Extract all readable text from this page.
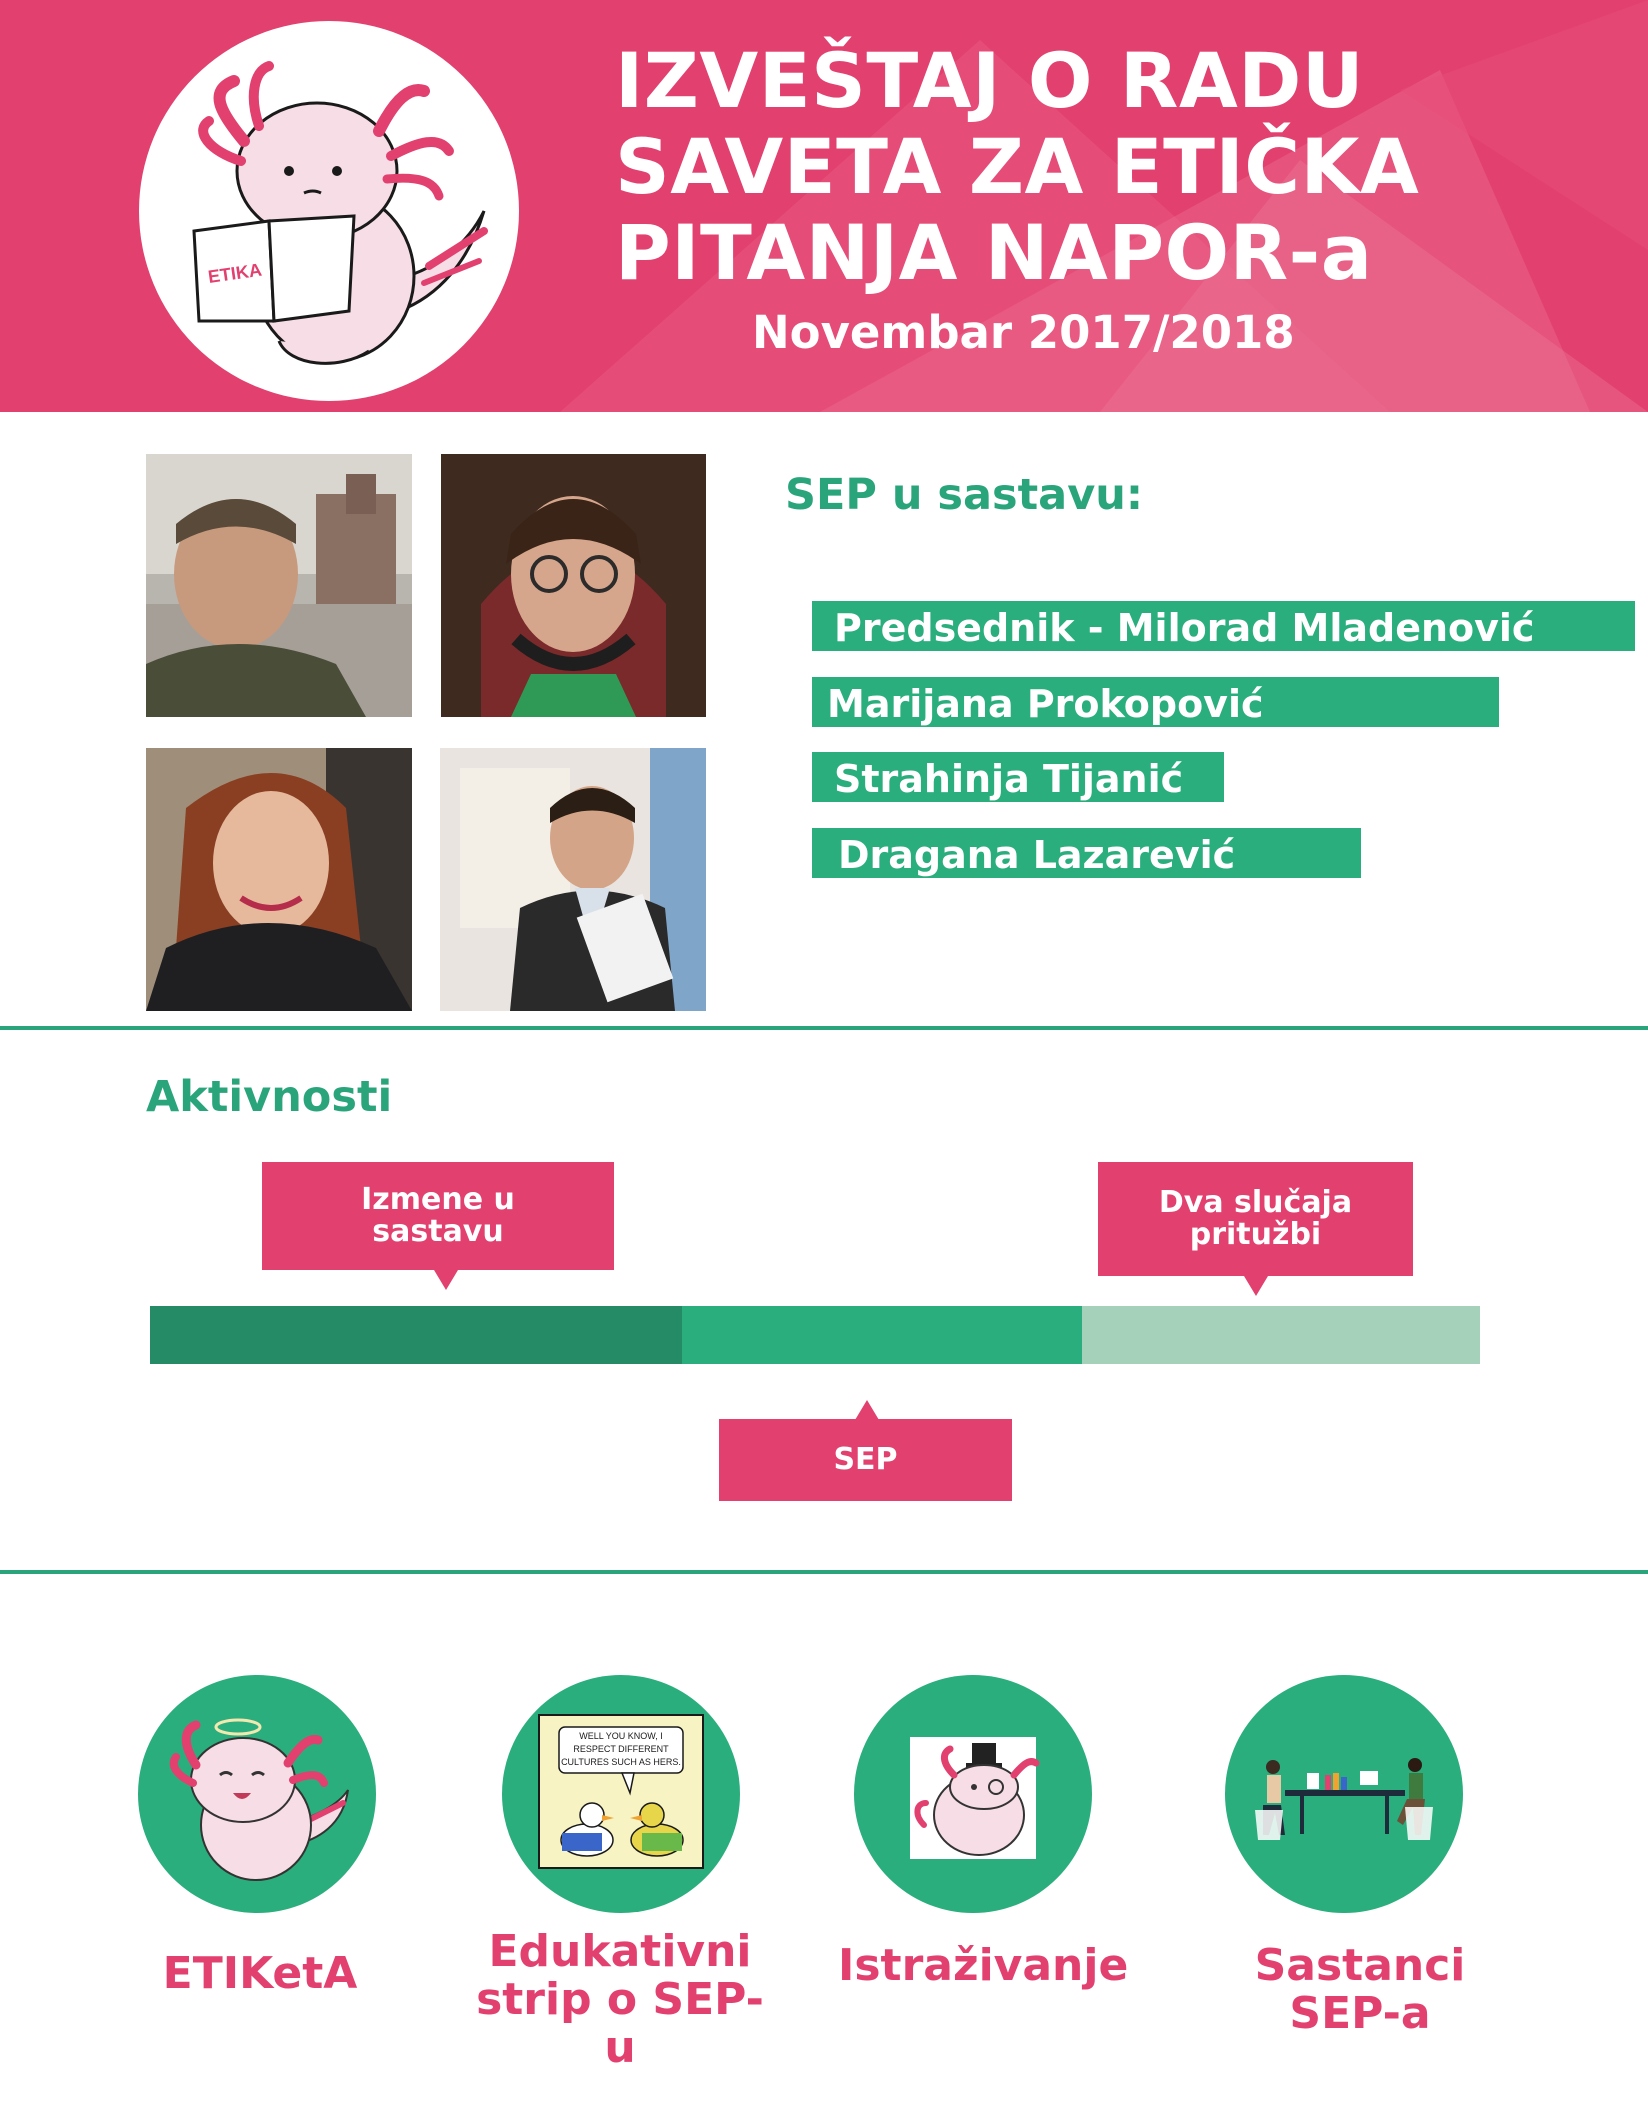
ETIKA
IZVEŠTAJ O RADU
SAVETA ZA ETIČKA
PITANJA NAPOR-a

Novembar 2017/2018

SEP u sastavu:
Predsednik - Milorad Mladenović
Marijana Prokopović
Strahinja Tijanić
Dragana Lazarević
Aktivnosti
Izmene u
sastavu
Dva slučaja
pritužbi
SEP

ETIKetA

WELL YOU KNOW, I
RESPECT DIFFERENT
CULTURES SUCH AS HERS.

Edukativni
strip o SEP-u

Istraživanje	Sastanci
SEP-a
